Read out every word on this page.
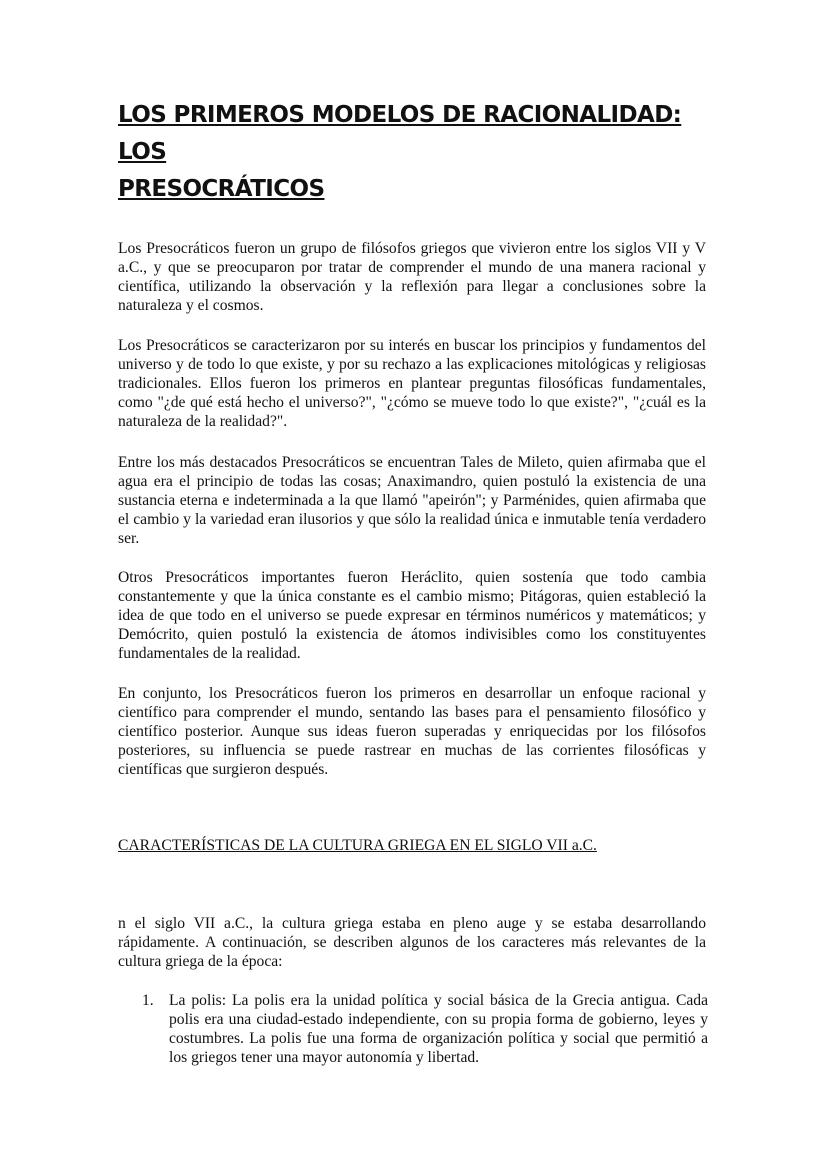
LOS PRIMEROS MODELOS DE RACIONALIDAD: LOS
PRESOCRÁTICOS

Los Presocráticos fueron un grupo de filósofos griegos que vivieron entre los siglos VII y V a.C., y que se preocuparon por tratar de comprender el mundo de una manera racional y científica, utilizando la observación y la reflexión para llegar a conclusiones sobre la naturaleza y el cosmos.

Los Presocráticos se caracterizaron por su interés en buscar los principios y fundamentos del universo y de todo lo que existe, y por su rechazo a las explicaciones mitológicas y religiosas tradicionales. Ellos fueron los primeros en plantear preguntas filosóficas fundamentales, como "¿de qué está hecho el universo?", "¿cómo se mueve todo lo que existe?", "¿cuál es la naturaleza de la realidad?".

Entre los más destacados Presocráticos se encuentran Tales de Mileto, quien afirmaba que el agua era el principio de todas las cosas; Anaximandro, quien postuló la existencia de una sustancia eterna e indeterminada a la que llamó "apeirón"; y Parménides, quien afirmaba que el cambio y la variedad eran ilusorios y que sólo la realidad única e inmutable tenía verdadero ser.

Otros Presocráticos importantes fueron Heráclito, quien sostenía que todo cambia constantemente y que la única constante es el cambio mismo; Pitágoras, quien estableció la idea de que todo en el universo se puede expresar en términos numéricos y matemáticos; y Demócrito, quien postuló la existencia de átomos indivisibles como los constituyentes fundamentales de la realidad.

En conjunto, los Presocráticos fueron los primeros en desarrollar un enfoque racional y científico para comprender el mundo, sentando las bases para el pensamiento filosófico y científico posterior. Aunque sus ideas fueron superadas y enriquecidas por los filósofos posteriores, su influencia se puede rastrear en muchas de las corrientes filosóficas y científicas que surgieron después.

CARACTERÍSTICAS DE LA CULTURA GRIEGA EN EL SIGLO VII a.C.

n el siglo VII a.C., la cultura griega estaba en pleno auge y se estaba desarrollando rápidamente. A continuación, se describen algunos de los caracteres más relevantes de la cultura griega de la época:

1. La polis: La polis era la unidad política y social básica de la Grecia antigua. Cada polis era una ciudad-estado independiente, con su propia forma de gobierno, leyes y costumbres. La polis fue una forma de organización política y social que permitió a los griegos tener una mayor autonomía y libertad.
